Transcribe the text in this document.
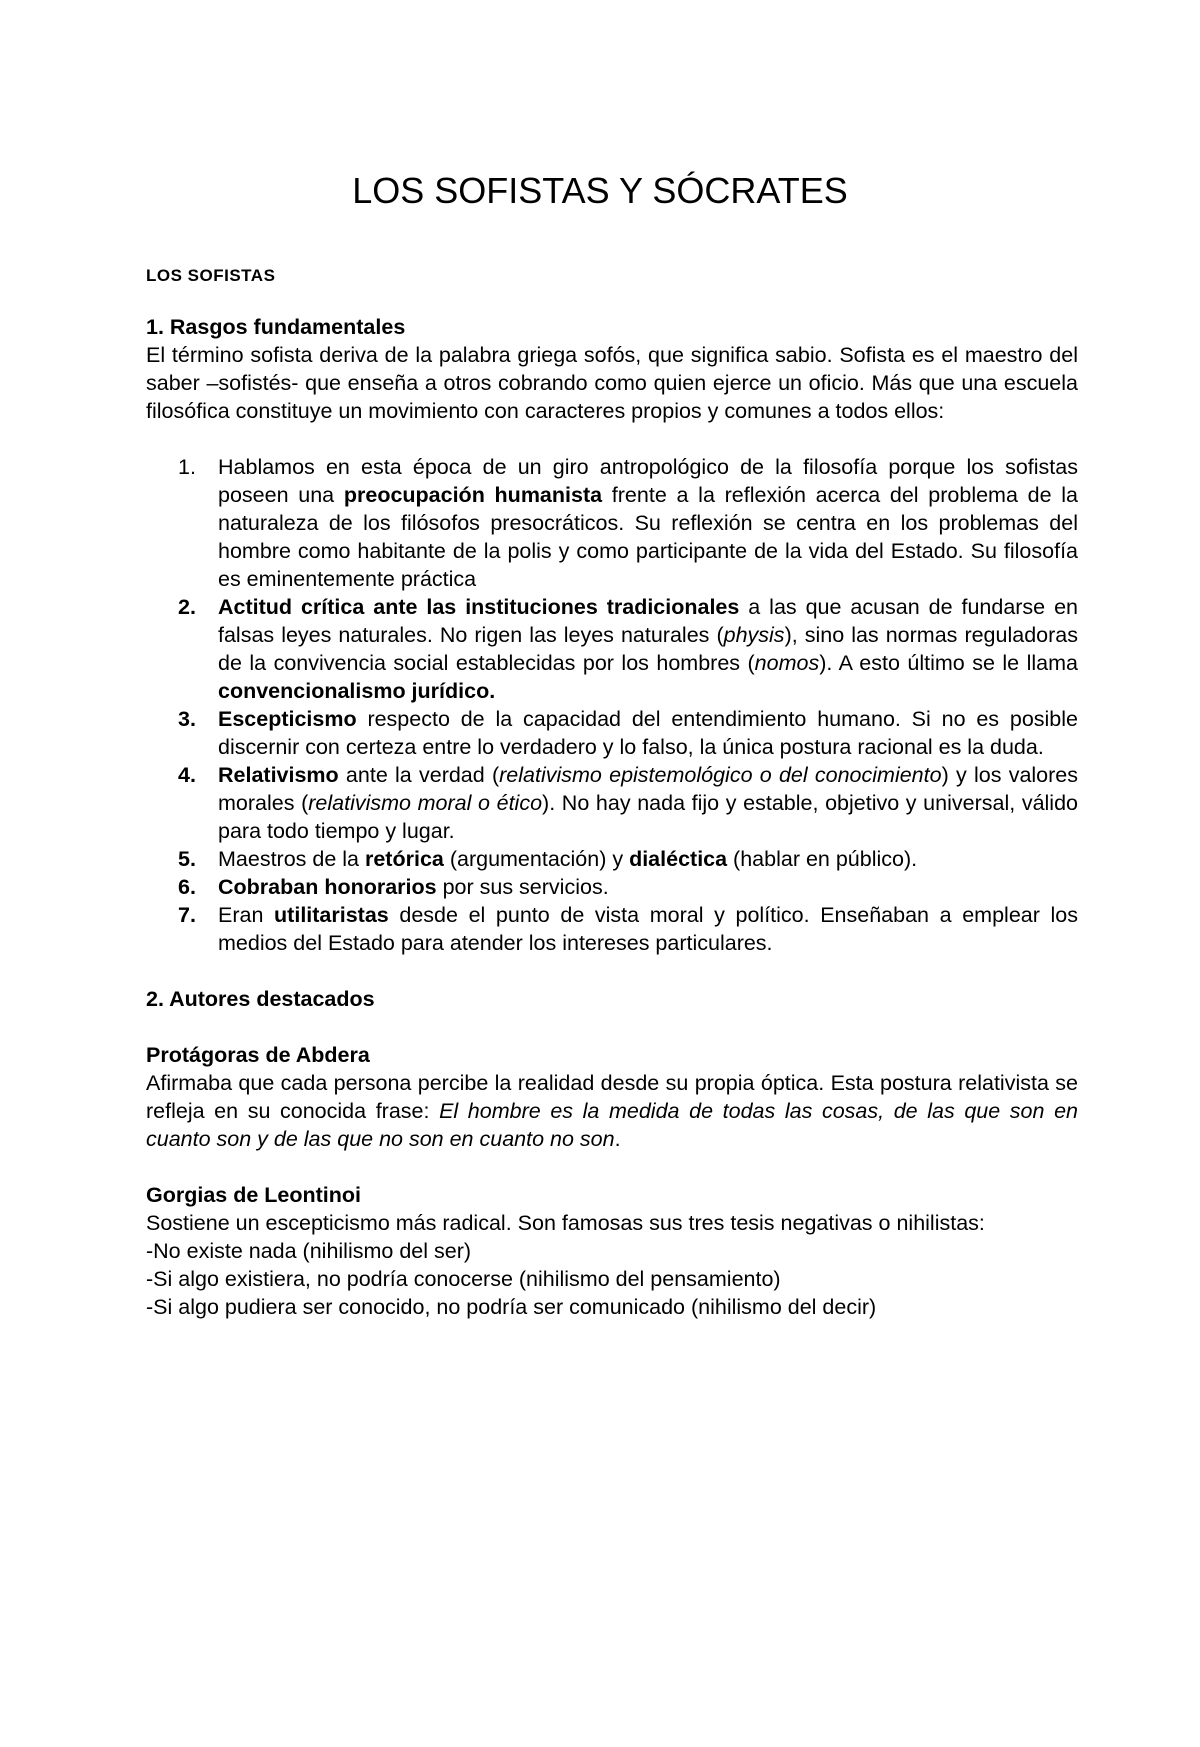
LOS SOFISTAS Y SÓCRATES
LOS SOFISTAS
1. Rasgos fundamentales

El término sofista deriva de la palabra griega sofós, que significa sabio. Sofista es el maestro del saber –sofistés- que enseña a otros cobrando como quien ejerce un oficio. Más que una escuela filosófica constituye un movimiento con caracteres propios y comunes a todos ellos:

1. Hablamos en esta época de un giro antropológico de la filosofía porque los sofistas poseen una preocupación humanista frente a la reflexión acerca del problema de la naturaleza de los filósofos presocráticos. Su reflexión se centra en los problemas del hombre como habitante de la polis y como participante de la vida del Estado. Su filosofía es eminentemente práctica
2. Actitud crítica ante las instituciones tradicionales a las que acusan de fundarse en falsas leyes naturales. No rigen las leyes naturales (physis), sino las normas reguladoras de la convivencia social establecidas por los hombres (nomos). A esto último se le llama convencionalismo jurídico.
3. Escepticismo respecto de la capacidad del entendimiento humano. Si no es posible discernir con certeza entre lo verdadero y lo falso, la única postura racional es la duda.
4. Relativismo ante la verdad (relativismo epistemológico o del conocimiento) y los valores morales (relativismo moral o ético). No hay nada fijo y estable, objetivo y universal, válido para todo tiempo y lugar.
5. Maestros de la retórica (argumentación) y dialéctica (hablar en público).
6. Cobraban honorarios por sus servicios.
7. Eran utilitaristas desde el punto de vista moral y político. Enseñaban a emplear los medios del Estado para atender los intereses particulares.
2. Autores destacados
Protágoras de Abdera

Afirmaba que cada persona percibe la realidad desde su propia óptica. Esta postura relativista se refleja en su conocida frase: El hombre es la medida de todas las cosas, de las que son en cuanto son y de las que no son en cuanto no son.

Gorgias de Leontinoi

Sostiene un escepticismo más radical. Son famosas sus tres tesis negativas o nihilistas:

-No existe nada (nihilismo del ser)

-Si algo existiera, no podría conocerse (nihilismo del pensamiento)

-Si algo pudiera ser conocido, no podría ser comunicado (nihilismo del decir)
